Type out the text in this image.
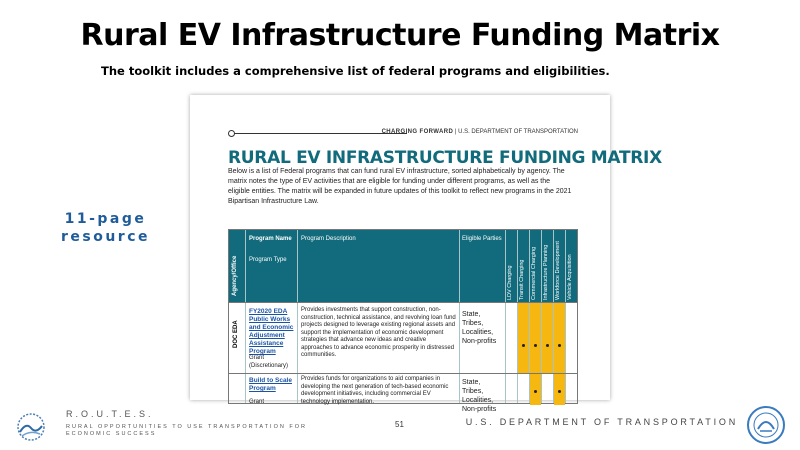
Rural EV Infrastructure Funding Matrix
The toolkit includes a comprehensive list of federal programs and eligibilities.
11-page
resource
CHARGING FORWARD | U.S. DEPARTMENT OF TRANSPORTATION
RURAL EV INFRASTRUCTURE FUNDING MATRIX
Below is a list of Federal programs that can fund rural EV infrastructure, sorted alphabetically by agency. The matrix notes the type of EV activities that are eligible for funding under different programs, as well as the eligible entities. The matrix will be expanded in future updates of this toolkit to reflect new programs in the 2021 Bipartisan Infrastructure Law.
Agency/Office
Program Name
Program Type
Program Description	Eligible Parties
LDV Charging Transit Charging Commercial Charging Infrastructure Planning Workforce Development Vehicle Acquisition
DOC EDA
FY2020 EDA Public Works and Economic Adjustment Assistance Program
Grant (Discretionary)
Provides investments that support construction, non-construction, technical assistance, and revolving loan fund projects designed to leverage existing regional assets and support the implementation of economic development strategies that advance new ideas and creative approaches to advance economic prosperity in distressed communities.
State, Tribes, Localities, Non-profits
Build to Scale Program
Grant
Provides funds for organizations to aid companies in developing the next generation of tech-based economic development initiatives, including commercial EV technology implementation.
State, Tribes, Localities, Non-profits
R.O.U.T.E.S.
RURAL OPPORTUNITIES TO USE TRANSPORTATION FOR ECONOMIC SUCCESS
51	U.S. DEPARTMENT OF TRANSPORTATION
